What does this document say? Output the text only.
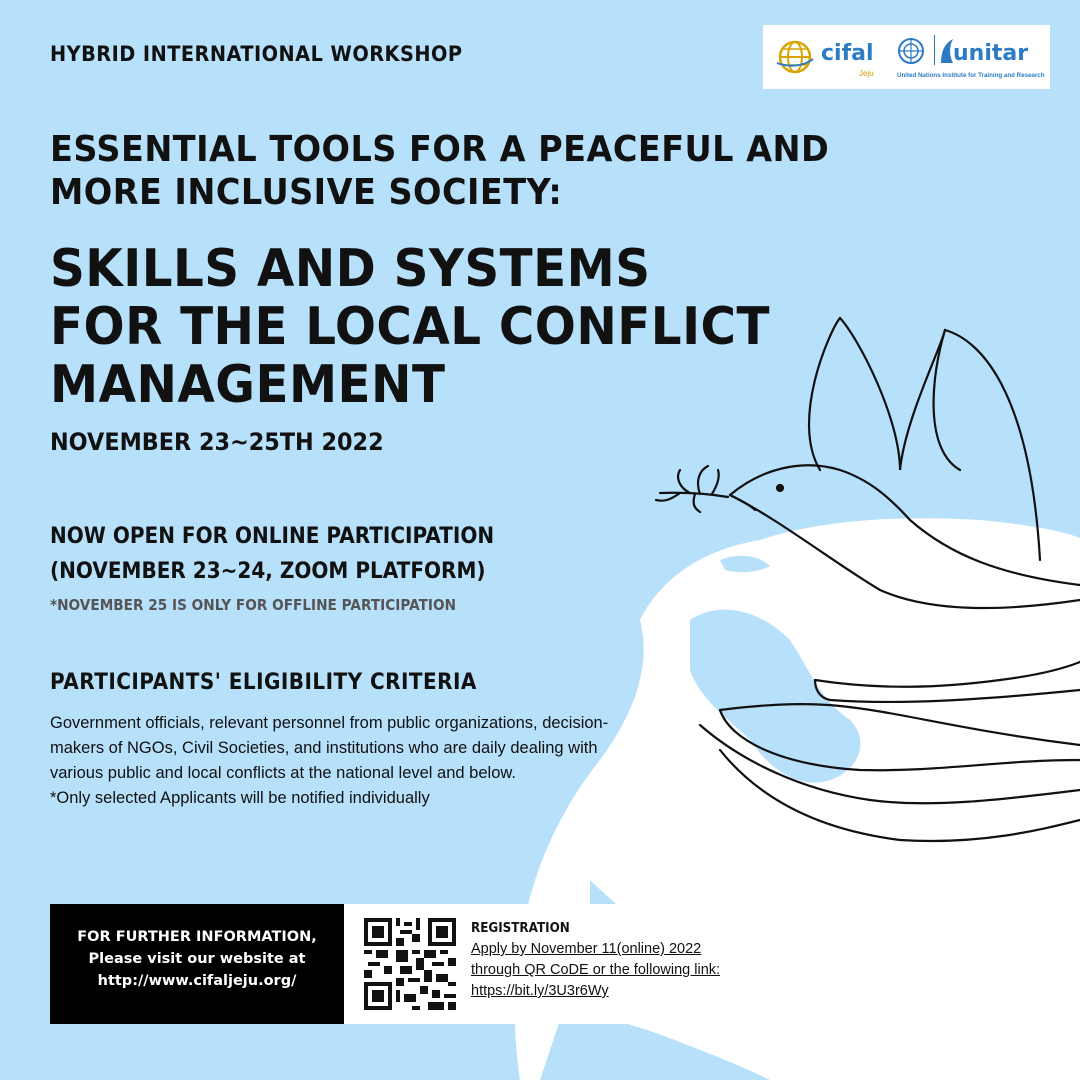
HYBRID INTERNATIONAL WORKSHOP	cifal
Jeju
unitar
United Nations Institute for Training and Research
ESSENTIAL TOOLS FOR A PEACEFUL AND
MORE INCLUSIVE SOCIETY:
SKILLS AND SYSTEMS
FOR THE LOCAL CONFLICT
MANAGEMENT
NOVEMBER 23~25TH 2022
NOW OPEN FOR ONLINE PARTICIPATION
(NOVEMBER 23~24, ZOOM PLATFORM)
*NOVEMBER 25 IS ONLY FOR OFFLINE PARTICIPATION
PARTICIPANTS' ELIGIBILITY CRITERIA
Government officials, relevant personnel from public organizations, decision-makers of NGOs, Civil Societies, and institutions who are daily dealing with various public and local conflicts at the national level and below.
*Only selected Applicants will be notified individually
FOR FURTHER INFORMATION,
Please visit our website at
http://www.cifaljeju.org/
REGISTRATION
Apply by November 11(online) 2022
through QR CoDE or the following link:
https://bit.ly/3U3r6Wy
